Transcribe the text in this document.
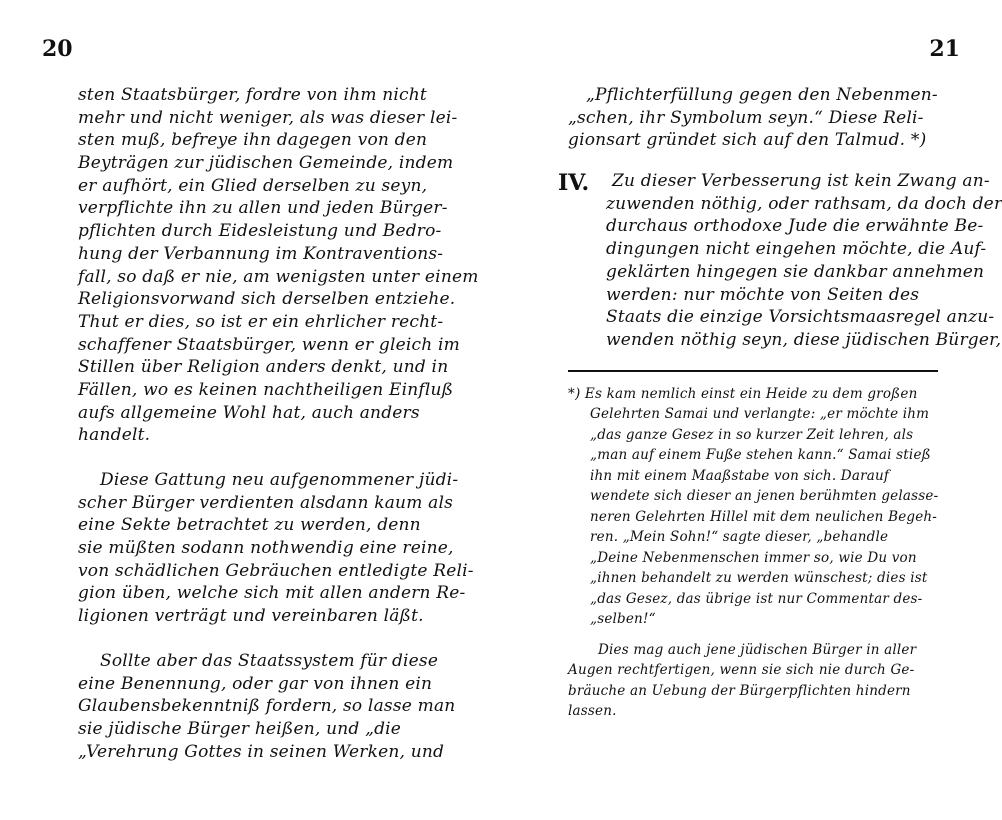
20	21
sten Staatsbürger, fordre von ihm nicht
mehr und nicht weniger, als was dieser lei-
sten muß, befreye ihn dagegen von den
Beyträgen zur jüdischen Gemeinde, indem
er aufhört, ein Glied derselben zu seyn,
verpflichte ihn zu allen und jeden Bürger-
pflichten durch Eidesleistung und Bedro-
hung der Verbannung im Kontraventions-
fall, so daß er nie, am wenigsten unter einem
Religionsvorwand sich derselben entziehe.
Thut er dies, so ist er ein ehrlicher recht-
schaffener Staatsbürger, wenn er gleich im
Stillen über Religion anders denkt, und in
Fällen, wo es keinen nachtheiligen Einfluß
aufs allgemeine Wohl hat, auch anders
handelt.
Diese Gattung neu aufgenommener jüdi-
scher Bürger verdienten alsdann kaum als
eine Sekte betrachtet zu werden, denn
sie müßten sodann nothwendig eine reine,
von schädlichen Gebräuchen entledigte Reli-
gion üben, welche sich mit allen andern Re-
ligionen verträgt und vereinbaren läßt.
Sollte aber das Staatssystem für diese
eine Benennung, oder gar von ihnen ein
Glaubensbekenntniß fordern, so lasse man
sie jüdische Bürger heißen, und „die
„Verehrung Gottes in seinen Werken, und
„Pflichterfüllung gegen den Nebenmen-
„schen, ihr Symbolum seyn.“ Diese Reli-
gionsart gründet sich auf den Talmud. *)
IV.	Zu dieser Verbesserung ist kein Zwang an-
zuwenden nöthig, oder rathsam, da doch der
durchaus orthodoxe Jude die erwähnte Be-
dingungen nicht eingehen möchte, die Auf-
geklärten hingegen sie dankbar annehmen
werden: nur möchte von Seiten des
Staats die einzige Vorsichtsmaasregel anzu-
wenden nöthig seyn, diese jüdischen Bürger,
*) Es kam nemlich einst ein Heide zu dem großen
Gelehrten Samai und verlangte: „er möchte ihm
„das ganze Gesez in so kurzer Zeit lehren, als
„man auf einem Fuße stehen kann.“ Samai stieß
ihn mit einem Maaßstabe von sich. Darauf
wendete sich dieser an jenen berühmten gelasse-
neren Gelehrten Hillel mit dem neulichen Begeh-
ren. „Mein Sohn!“ sagte dieser, „behandle
„Deine Nebenmenschen immer so, wie Du von
„ihnen behandelt zu werden wünschest; dies ist
„das Gesez, das übrige ist nur Commentar des-
„selben!“
Dies mag auch jene jüdischen Bürger in aller
Augen rechtfertigen, wenn sie sich nie durch Ge-
bräuche an Uebung der Bürgerpflichten hindern
lassen.
